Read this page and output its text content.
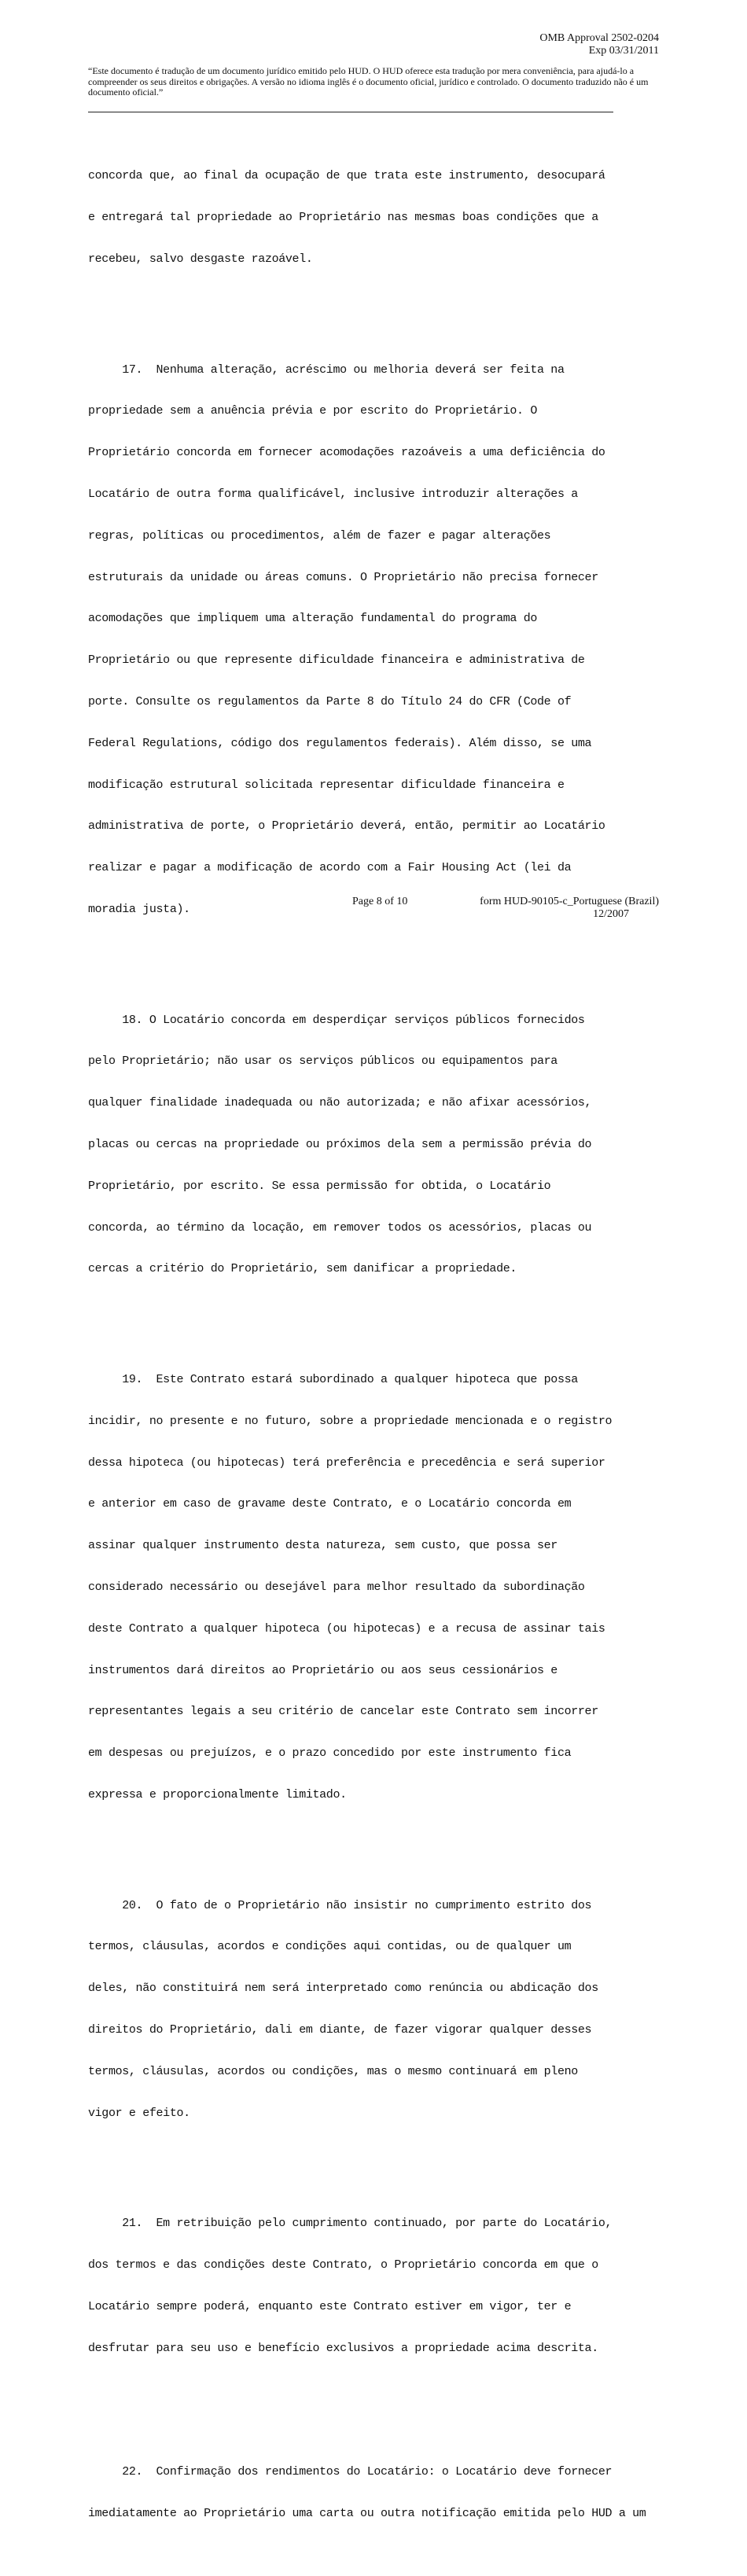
OMB Approval 2502-0204
Exp 03/31/2011
“Este documento é tradução de um documento jurídico emitido pelo HUD. O HUD oferece esta tradução por mera conveniência, para ajudá-lo a compreender os seus direitos e obrigações. A versão no idioma inglês é o documento oficial, jurídico e controlado. O documento traduzido não é um documento oficial.”

concorda que, ao final da ocupação de que trata este instrumento, desocupará

e entregará tal propriedade ao Proprietário nas mesmas boas condições que a

recebeu, salvo desgaste razoável.

17.  Nenhuma alteração, acréscimo ou melhoria deverá ser feita na

propriedade sem a anuência prévia e por escrito do Proprietário. O

Proprietário concorda em fornecer acomodações razoáveis a uma deficiência do

Locatário de outra forma qualificável, inclusive introduzir alterações a

regras, políticas ou procedimentos, além de fazer e pagar alterações

estruturais da unidade ou áreas comuns. O Proprietário não precisa fornecer

acomodações que impliquem uma alteração fundamental do programa do

Proprietário ou que represente dificuldade financeira e administrativa de

porte. Consulte os regulamentos da Parte 8 do Título 24 do CFR (Code of

Federal Regulations, código dos regulamentos federais). Além disso, se uma

modificação estrutural solicitada representar dificuldade financeira e

administrativa de porte, o Proprietário deverá, então, permitir ao Locatário

realizar e pagar a modificação de acordo com a Fair Housing Act (lei da

moradia justa).

18. O Locatário concorda em desperdiçar serviços públicos fornecidos

pelo Proprietário; não usar os serviços públicos ou equipamentos para

qualquer finalidade inadequada ou não autorizada; e não afixar acessórios,

placas ou cercas na propriedade ou próximos dela sem a permissão prévia do

Proprietário, por escrito. Se essa permissão for obtida, o Locatário

concorda, ao término da locação, em remover todos os acessórios, placas ou

cercas a critério do Proprietário, sem danificar a propriedade.

19.  Este Contrato estará subordinado a qualquer hipoteca que possa

incidir, no presente e no futuro, sobre a propriedade mencionada e o registro

dessa hipoteca (ou hipotecas) terá preferência e precedência e será superior

e anterior em caso de gravame deste Contrato, e o Locatário concorda em

assinar qualquer instrumento desta natureza, sem custo, que possa ser

considerado necessário ou desejável para melhor resultado da subordinação

deste Contrato a qualquer hipoteca (ou hipotecas) e a recusa de assinar tais

instrumentos dará direitos ao Proprietário ou aos seus cessionários e

representantes legais a seu critério de cancelar este Contrato sem incorrer

em despesas ou prejuízos, e o prazo concedido por este instrumento fica

expressa e proporcionalmente limitado.

20.  O fato de o Proprietário não insistir no cumprimento estrito dos

termos, cláusulas, acordos e condições aqui contidas, ou de qualquer um

deles, não constituirá nem será interpretado como renúncia ou abdicação dos

direitos do Proprietário, dali em diante, de fazer vigorar qualquer desses

termos, cláusulas, acordos ou condições, mas o mesmo continuará em pleno

vigor e efeito.

21.  Em retribuição pelo cumprimento continuado, por parte do Locatário,

dos termos e das condições deste Contrato, o Proprietário concorda em que o

Locatário sempre poderá, enquanto este Contrato estiver em vigor, ter e

desfrutar para seu uso e benefício exclusivos a propriedade acima descrita.

22.  Confirmação dos rendimentos do Locatário: o Locatário deve fornecer

imediatamente ao Proprietário uma carta ou outra notificação emitida pelo HUD a um

Page 8 of 10	form HUD-90105-c_Portuguese (Brazil)
12/2007
